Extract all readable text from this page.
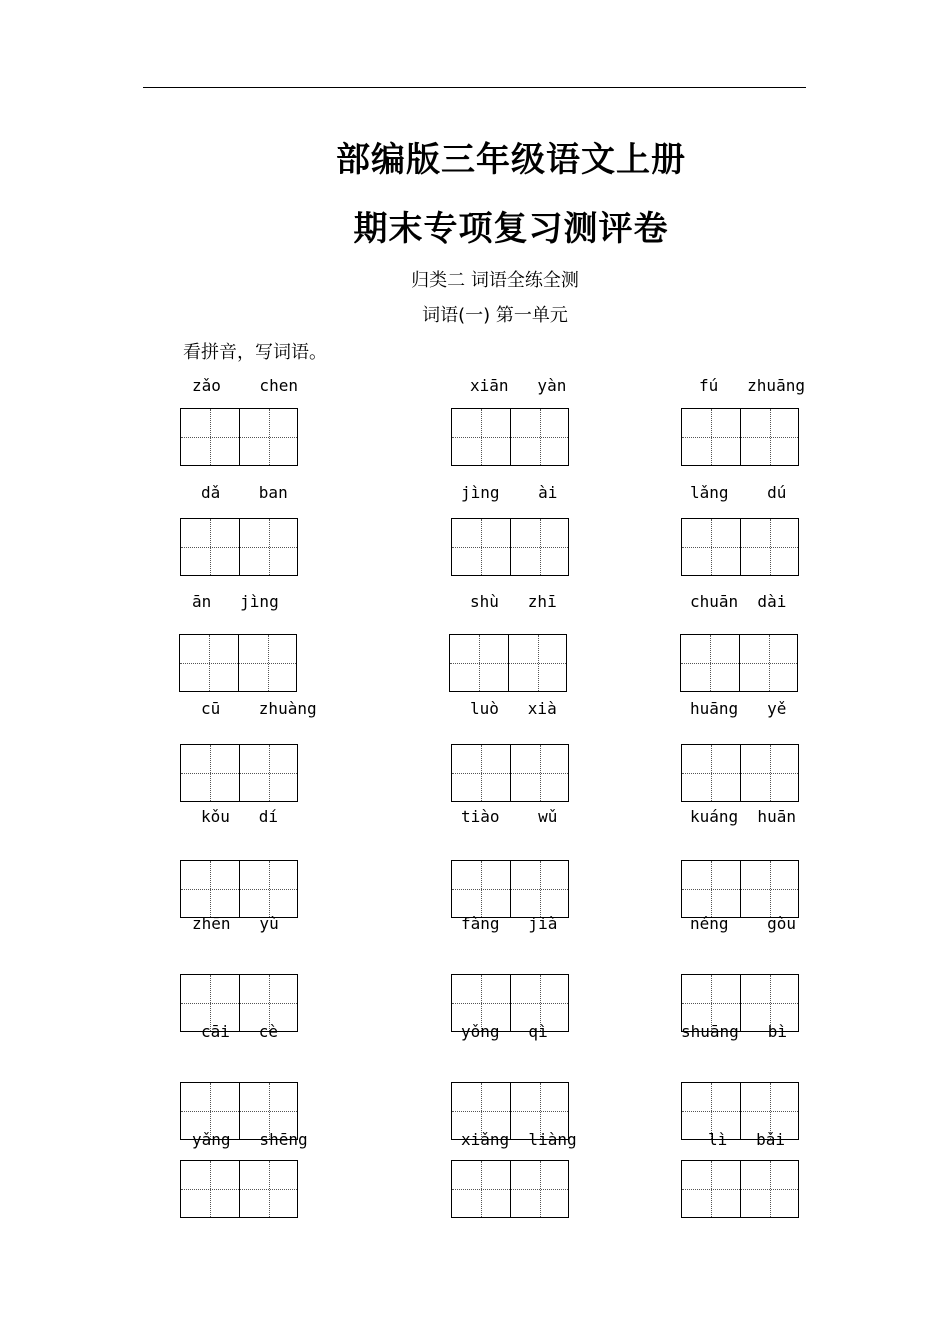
部编版三年级语文上册
期末专项复习测评卷
归类二 词语全练全测
词语(一) 第一单元
看拼音，写词语。
zǎo    chen	xiān   yàn	fú   zhuāng
dǎ    ban	jìng    ài	lǎng    dú
ān   jìng	shù   zhī	chuān  dài
cū    zhuàng	luò   xià	huāng   yě
kǒu   dí	tiào    wǔ	kuáng  huān
zhēn   yù	fàng   jià	néng    gòu
cāi   cè	yǒng   qì	shuāng   bì
yǎng   shēng	xiǎng  liàng	lì   bǎi
